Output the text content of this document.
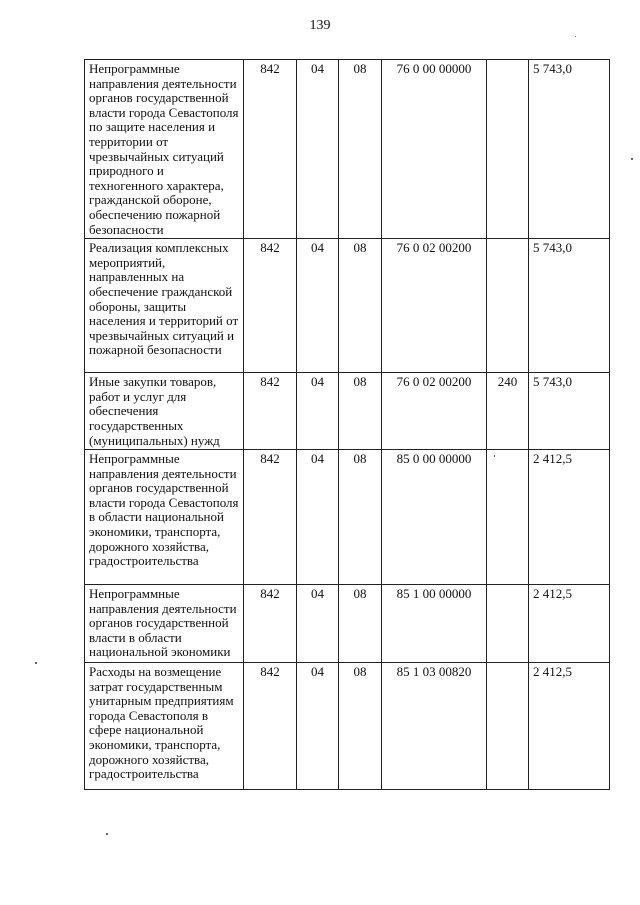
139
Непрограммные направления деятельности органов государственной власти города Севастополя по защите населения и территории от чрезвычайных ситуаций природного и техногенного характера, гражданской обороне, обеспечению пожарной безопасности	842	04	08	76 0 00 00000		5 743,0
Реализация комплексных мероприятий, направленных на обеспечение гражданской обороны, защиты населения и территорий от чрезвычайных ситуаций и пожарной безопасности	842	04	08	76 0 02 00200		5 743,0
Иные закупки товаров, работ и услуг для обеспечения государственных (муниципальных) нужд	842	04	08	76 0 02 00200	240	5 743,0
Непрограммные направления деятельности органов государственной власти города Севастополя в области национальной экономики, транспорта, дорожного хозяйства, градостроительства	842	04	08	85 0 00 00000		2 412,5
Непрограммные направления деятельности органов государственной власти в области национальной экономики	842	04	08	85 1 00 00000		2 412,5
Расходы на возмещение затрат государственным унитарным предприятиям города Севастополя в сфере национальной экономики, транспорта, дорожного хозяйства, градостроительства	842	04	08	85 1 03 00820		2 412,5
